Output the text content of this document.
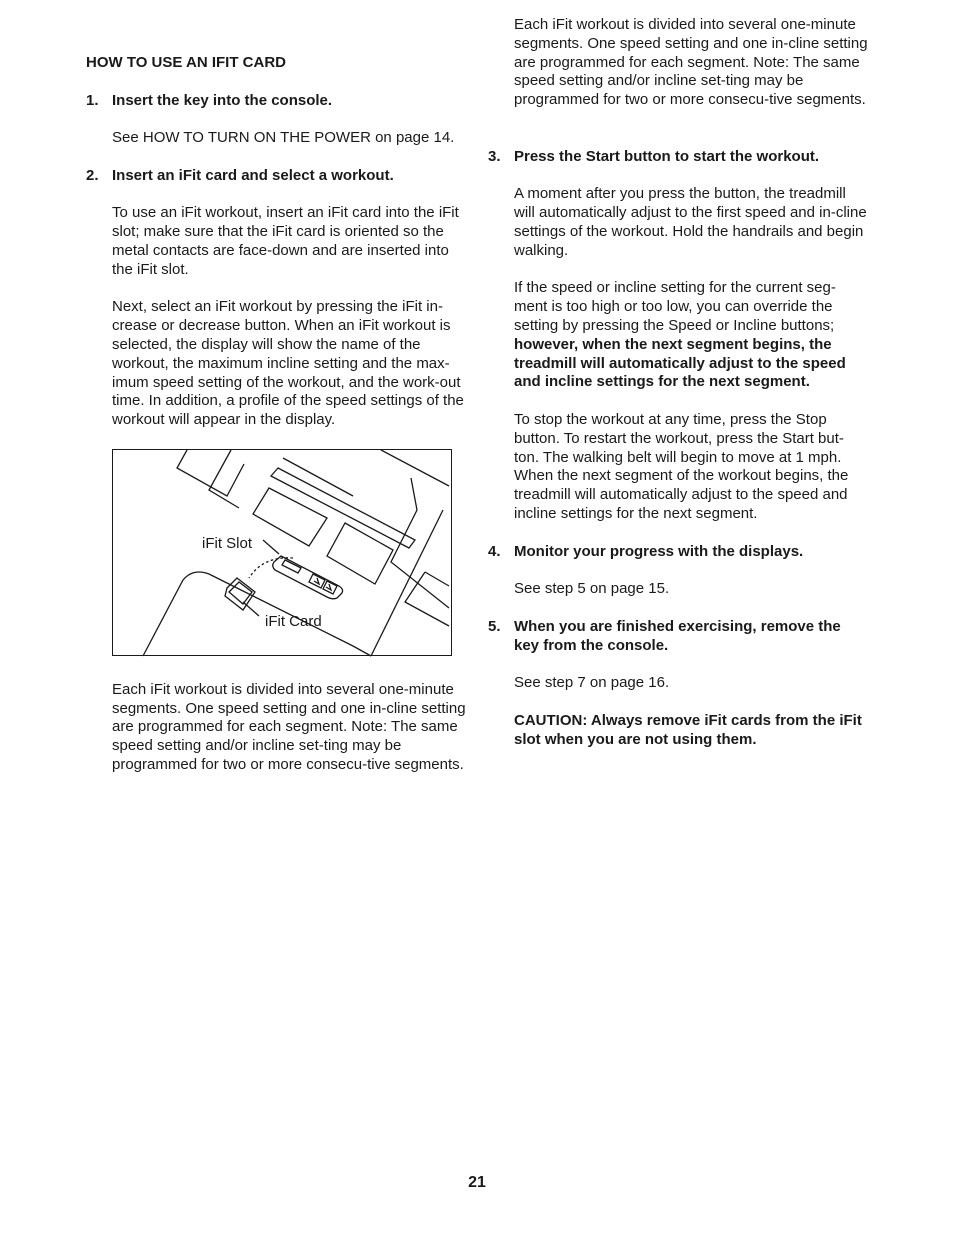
HOW TO USE AN IFIT CARD

1. Insert the key into the console.

See HOW TO TURN ON THE POWER on page 14.

2. Insert an iFit card and select a workout.

To use an iFit workout, insert an iFit card into the iFit slot; make sure that the iFit card is oriented so the metal contacts are face-down and are inserted into the iFit slot.

Next, select an iFit workout by pressing the iFit in-crease or decrease button. When an iFit workout is selected, the display will show the name of the workout, the maximum incline setting and the max-imum speed setting of the workout, and the work-out time. In addition, a profile of the speed settings of the workout will appear in the display.

iFit Slot
iFit Card

Each iFit workout is divided into several one-minute segments. One speed setting and one in-cline setting are programmed for each segment. Note: The same speed setting and/or incline set-ting may be programmed for two or more consecu-tive segments.

Each iFit workout is divided into several one-minute segments. One speed setting and one in-cline setting are programmed for each segment. Note: The same speed setting and/or incline set-ting may be programmed for two or more consecu-tive segments.

3. Press the Start button to start the workout.

A moment after you press the button, the treadmill will automatically adjust to the first speed and in-cline settings of the workout. Hold the handrails and begin walking.

If the speed or incline setting for the current seg-ment is too high or too low, you can override the setting by pressing the Speed or Incline buttons; however, when the next segment begins, the treadmill will automatically adjust to the speed and incline settings for the next segment.

To stop the workout at any time, press the Stop button. To restart the workout, press the Start but-ton. The walking belt will begin to move at 1 mph. When the next segment of the workout begins, the treadmill will automatically adjust to the speed and incline settings for the next segment.

4. Monitor your progress with the displays.

See step 5 on page 15.

5. When you are finished exercising, remove the key from the console.

See step 7 on page 16.

CAUTION: Always remove iFit cards from the iFit slot when you are not using them.

21
